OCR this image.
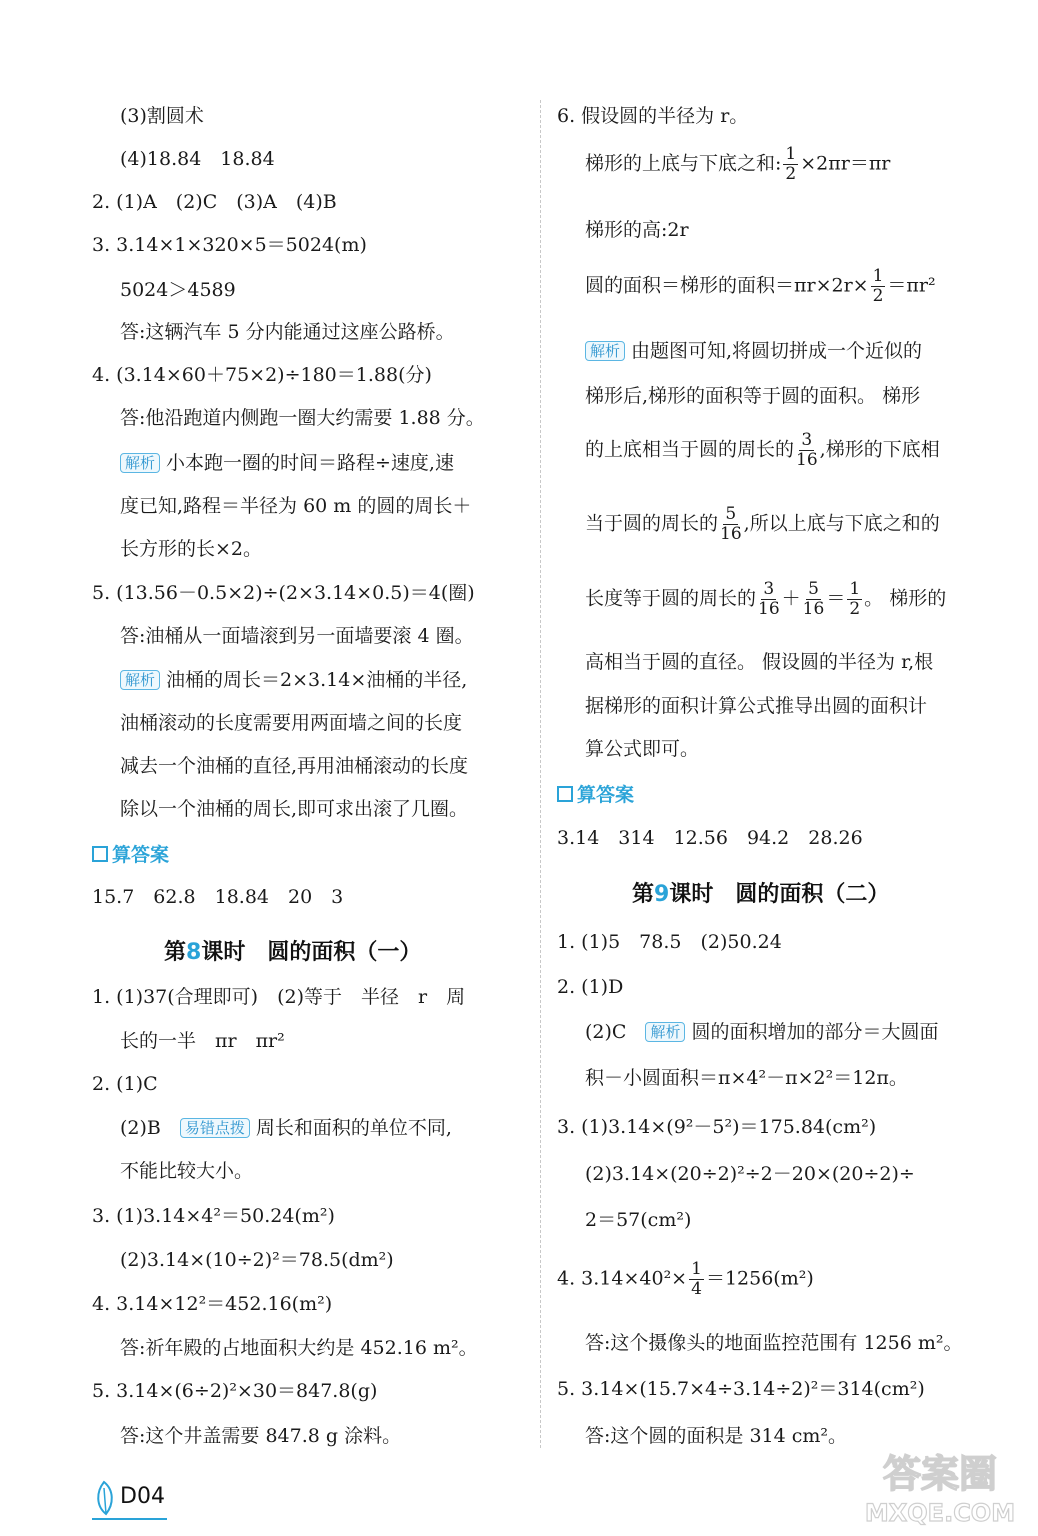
(3)割圆术
(4)18.84　18.84
2. (1)A　(2)C　(3)A　(4)B
3. 3.14×1×320×5＝5024(m)
5024＞4589
答:这辆汽车 5 分内能通过这座公路桥。
4. (3.14×60＋75×2)÷180＝1.88(分)
答:他沿跑道内侧跑一圈大约需要 1.88 分。
解析 小本跑一圈的时间＝路程÷速度,速
度已知,路程＝半径为 60 m 的圆的周长＋
长方形的长×2。
5. (13.56－0.5×2)÷(2×3.14×0.5)＝4(圈)
答:油桶从一面墙滚到另一面墙要滚 4 圈。
解析 油桶的周长＝2×3.14×油桶的半径,
油桶滚动的长度需要用两面墙之间的长度
减去一个油桶的直径,再用油桶滚动的长度
除以一个油桶的周长,即可求出滚了几圈。
算答案
15.7　62.8　18.84　20　3
第8课时　圆的面积（一）
1. (1)37(合理即可)　(2)等于　半径　r　周
长的一半　πr　πr²
2. (1)C
(2)B　 易错点拨 周长和面积的单位不同,
不能比较大小。
3. (1)3.14×4²＝50.24(m²)
(2)3.14×(10÷2)²＝78.5(dm²)
4. 3.14×12²＝452.16(m²)
答:祈年殿的占地面积大约是 452.16 m²。
5. 3.14×(6÷2)²×30＝847.8(g)
答:这个井盖需要 847.8 g 涂料。
6. 假设圆的半径为 r。
梯形的上底与下底之和: $\frac{1}{2} \times 2\pi r=\pi r$
梯形的高:2r
圆的面积＝梯形的面积$=\pi r\times 2r\times \frac{1}{2} =\pi r^2$
解析 由题图可知,将圆切拼成一个近似的
梯形后,梯形的面积等于圆的面积。 梯形
的上底相当于圆的周长的 $\frac{3}{16}$ ,梯形的下底相
当于圆的周长的 $\frac{5}{16}$ ,所以上底与下底之和的
长度等于圆的周长的 $\frac{3}{16} + \frac{5}{16} = \frac{1}{2}$ 。 梯形的
高相当于圆的直径。 假设圆的半径为 r,根
据梯形的面积计算公式推导出圆的面积计
算公式即可。
算答案
3.14　314　12.56　94.2　28.26
第9课时　圆的面积（二）
1. (1)5　78.5　(2)50.24
2. (1)D
(2)C　 解析 圆的面积增加的部分＝大圆面
积－小圆面积＝π×4²－π×2²＝12π。
3. (1)3.14×(9²－5²)＝175.84(cm²)
(2)3.14×(20÷2)²÷2－20×(20÷2)÷
2＝57(cm²)
4. $3.14\times 40^2\times \frac{1}{4} =1256(m^2)$
答:这个摄像头的地面监控范围有 1256 m²。
5. 3.14×(15.7×4÷3.14÷2)²＝314(cm²)
答:这个圆的面积是 314 cm²。
D04
答案圈
MXQE.COM
